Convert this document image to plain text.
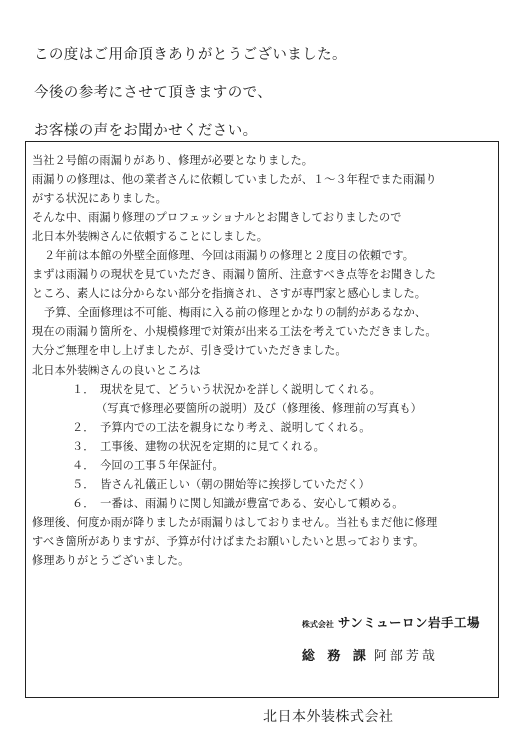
この度はご用命頂きありがとうございました。
今後の参考にさせて頂きますので、
お客様の声をお聞かせください。
当社２号館の雨漏りがあり、修理が必要となりました。
雨漏りの修理は、他の業者さんに依頼していましたが、１～３年程でまた雨漏り
がする状況にありました。
そんな中、雨漏り修理のプロフェッショナルとお聞きしておりましたので
北日本外装㈱さんに依頼することにしました。
２年前は本館の外壁全面修理、今回は雨漏りの修理と２度目の依頼です。
まずは雨漏りの現状を見ていただき、雨漏り箇所、注意すべき点等をお聞きした
ところ、素人には分からない部分を指摘され、さすが専門家と感心しました。
予算、全面修理は不可能、梅雨に入る前の修理とかなりの制約があるなか、
現在の雨漏り箇所を、小規模修理で対策が出来る工法を考えていただきました。
大分ご無理を申し上げましたが、引き受けていただきました。
北日本外装㈱さんの良いところは
１．　現状を見て、どういう状況かを詳しく説明してくれる。
（写真で修理必要箇所の説明）及び（修理後、修理前の写真も）
２．　予算内での工法を親身になり考え、説明してくれる。
３．　工事後、建物の状況を定期的に見てくれる。
４．　今回の工事５年保証付。
５．　皆さん礼儀正しい（朝の開始等に挨拶していただく）
６．　一番は、雨漏りに関し知識が豊富である、安心して頼める。
修理後、何度か雨が降りましたが雨漏りはしておりません。当社もまだ他に修理
すべき箇所がありますが、予算が付けばまたお願いしたいと思っております。
修理ありがとうございました。
株式会社 サンミューロン岩手工場
総 務 課 阿部芳哉
北日本外装株式会社
